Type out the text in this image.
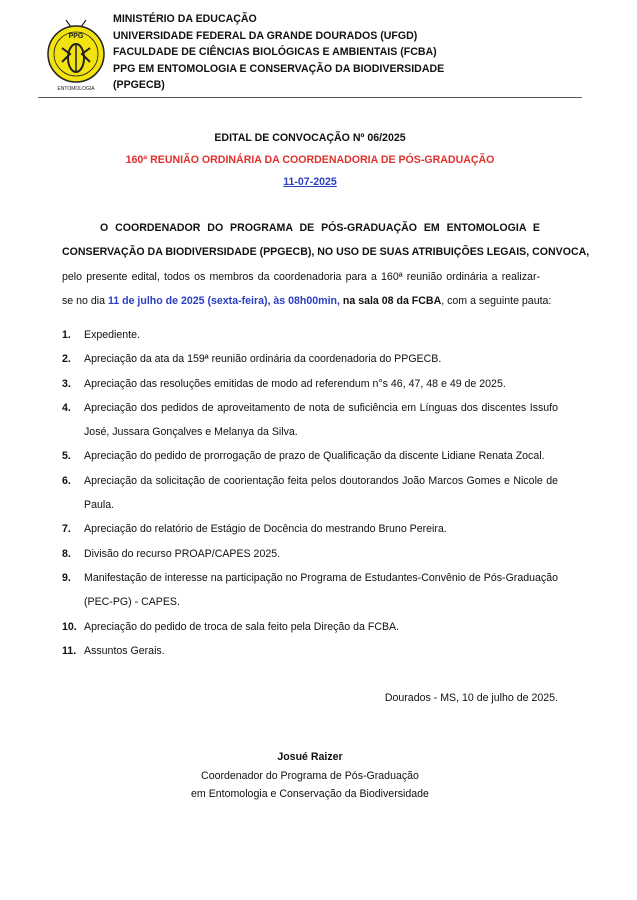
PPG
ENTOMOLOGIA
MINISTÉRIO DA EDUCAÇÃO
UNIVERSIDADE FEDERAL DA GRANDE DOURADOS (UFGD)
FACULDADE DE CIÊNCIAS BIOLÓGICAS E AMBIENTAIS (FCBA)
PPG EM ENTOMOLOGIA E CONSERVAÇÃO DA BIODIVERSIDADE
(PPGECB)
EDITAL DE CONVOCAÇÃO Nº 06/2025
160ª REUNIÃO ORDINÁRIA DA COORDENADORIA DE PÓS-GRADUAÇÃO
11-07-2025
O COORDENADOR DO PROGRAMA DE PÓS-GRADUAÇÃO EM ENTOMOLOGIA E
CONSERVAÇÃO DA BIODIVERSIDADE (PPGECB), NO USO DE SUAS ATRIBUIÇÕES LEGAIS, CONVOCA,
pelo presente edital, todos os membros da coordenadoria para a 160ª reunião ordinária a realizar-
se no dia 11 de julho de 2025 (sexta-feira), às 08h00min, na sala 08 da FCBA, com a seguinte pauta:
1. Expediente.
2. Apreciação da ata da 159ª reunião ordinária da coordenadoria do PPGECB.
3. Apreciação das resoluções emitidas de modo ad referendum n°s 46, 47, 48 e 49 de 2025.
4. Apreciação dos pedidos de aproveitamento de nota de suficiência em Línguas dos discentes Issufo José, Jussara Gonçalves e Melanya da Silva.
5. Apreciação do pedido de prorrogação de prazo de Qualificação da discente Lidiane Renata Zocal.
6. Apreciação da solicitação de coorientação feita pelos doutorandos João Marcos Gomes e Nicole de Paula.
7. Apreciação do relatório de Estágio de Docência do mestrando Bruno Pereira.
8. Divisão do recurso PROAP/CAPES 2025.
9. Manifestação de interesse na participação no Programa de Estudantes-Convênio de Pós-Graduação (PEC-PG) - CAPES.
10. Apreciação do pedido de troca de sala feito pela Direção da FCBA.
11. Assuntos Gerais.
Dourados - MS, 10 de julho de 2025.
Josué Raizer
Coordenador do Programa de Pós-Graduação
em Entomologia e Conservação da Biodiversidade
